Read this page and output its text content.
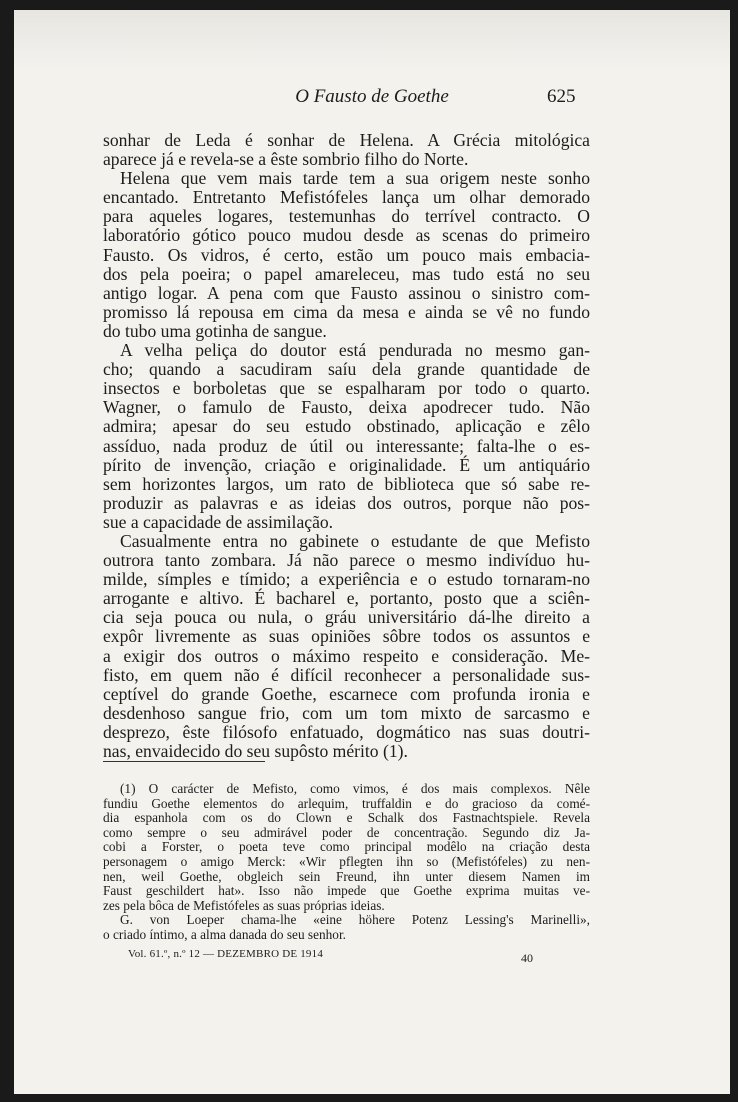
O Fausto de Goethe	625
sonhar de Leda é sonhar de Helena. A Grécia mitológica
aparece já e revela-se a êste sombrio filho do Norte.
Helena que vem mais tarde tem a sua origem neste sonho
encantado. Entretanto Mefistófeles lança um olhar demorado
para aqueles logares, testemunhas do terrível contracto. O
laboratório gótico pouco mudou desde as scenas do primeiro
Fausto. Os vidros, é certo, estão um pouco mais embacia-
dos pela poeira; o papel amareleceu, mas tudo está no seu
antigo logar. A pena com que Fausto assinou o sinistro com-
promisso lá repousa em cima da mesa e ainda se vê no fundo
do tubo uma gotinha de sangue.
A velha peliça do doutor está pendurada no mesmo gan-
cho; quando a sacudiram saíu dela grande quantidade de
insectos e borboletas que se espalharam por todo o quarto.
Wagner, o famulo de Fausto, deixa apodrecer tudo. Não
admira; apesar do seu estudo obstinado, aplicação e zêlo
assíduo, nada produz de útil ou interessante; falta-lhe o es-
pírito de invenção, criação e originalidade. É um antiquário
sem horizontes largos, um rato de biblioteca que só sabe re-
produzir as palavras e as ideias dos outros, porque não pos-
sue a capacidade de assimilação.
Casualmente entra no gabinete o estudante de que Mefisto
outrora tanto zombara. Já não parece o mesmo indivíduo hu-
milde, símples e tímido; a experiência e o estudo tornaram-no
arrogante e altivo. É bacharel e, portanto, posto que a sciên-
cia seja pouca ou nula, o gráu universitário dá-lhe direito a
expôr livremente as suas opiniões sôbre todos os assuntos e
a exigir dos outros o máximo respeito e consideração. Me-
fisto, em quem não é difícil reconhecer a personalidade sus-
ceptível do grande Goethe, escarnece com profunda ironia e
desdenhoso sangue frio, com um tom mixto de sarcasmo e
desprezo, êste filósofo enfatuado, dogmático nas suas doutri-
nas, envaidecido do seu supôsto mérito (1).
(1) O carácter de Mefisto, como vimos, é dos mais complexos. Nêle
fundiu Goethe elementos do arlequim, truffaldin e do gracioso da comé-
dia espanhola com os do Clown e Schalk dos Fastnachtspiele. Revela
como sempre o seu admirável poder de concentração. Segundo diz Ja-
cobi a Forster, o poeta teve como principal modêlo na criação desta
personagem o amigo Merck: «Wir pflegten ihn so (Mefistófeles) zu nen-
nen, weil Goethe, obgleich sein Freund, ihn unter diesem Namen im
Faust geschildert hat». Isso não impede que Goethe exprima muitas ve-
zes pela bôca de Mefistófeles as suas próprias ideias.
G. von Loeper chama-lhe «eine höhere Potenz Lessing's Marinelli»,
o criado íntimo, a alma danada do seu senhor.
Vol. 61.º, n.º 12 — DEZEMBRO DE 1914	40
